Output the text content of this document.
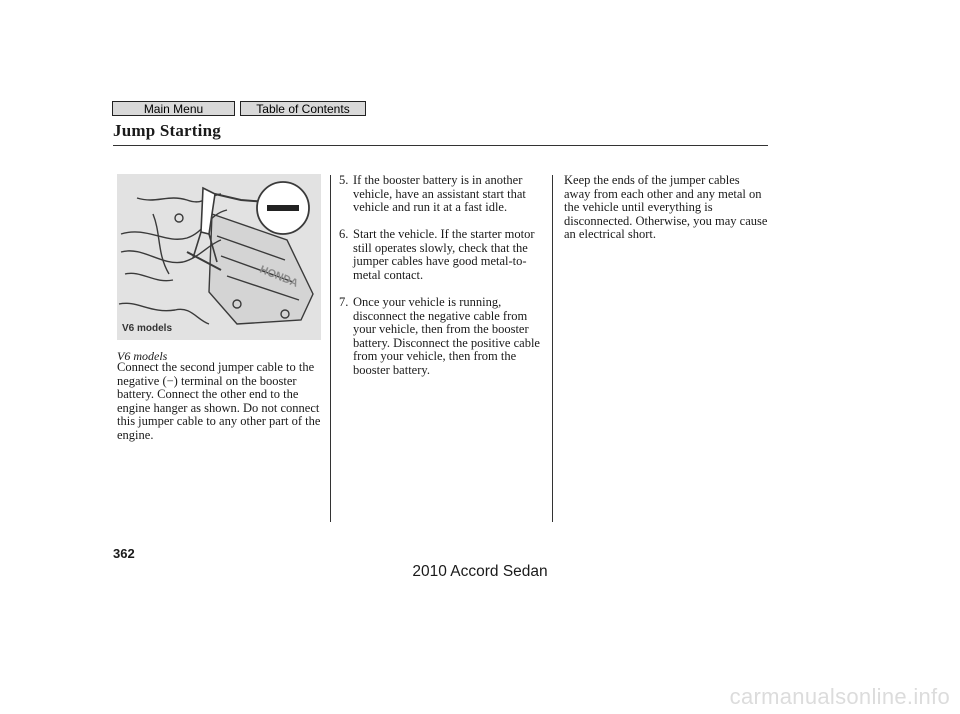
Main Menu	Table of Contents
Jump Starting
HONDA
V6 models
V6 models

Connect the second jumper cable to the negative (−) terminal on the booster battery. Connect the other end to the engine hanger as shown. Do not connect this jumper cable to any other part of the engine.

5. If the booster battery is in another vehicle, have an assistant start that vehicle and run it at a fast idle.
6. Start the vehicle. If the starter motor still operates slowly, check that the jumper cables have good metal-to-metal contact.
7. Once your vehicle is running, disconnect the negative cable from your vehicle, then from the booster battery. Disconnect the positive cable from your vehicle, then from the booster battery.

Keep the ends of the jumper cables away from each other and any metal on the vehicle until everything is disconnected. Otherwise, you may cause an electrical short.

362
2010 Accord Sedan
carmanualsonline.info
